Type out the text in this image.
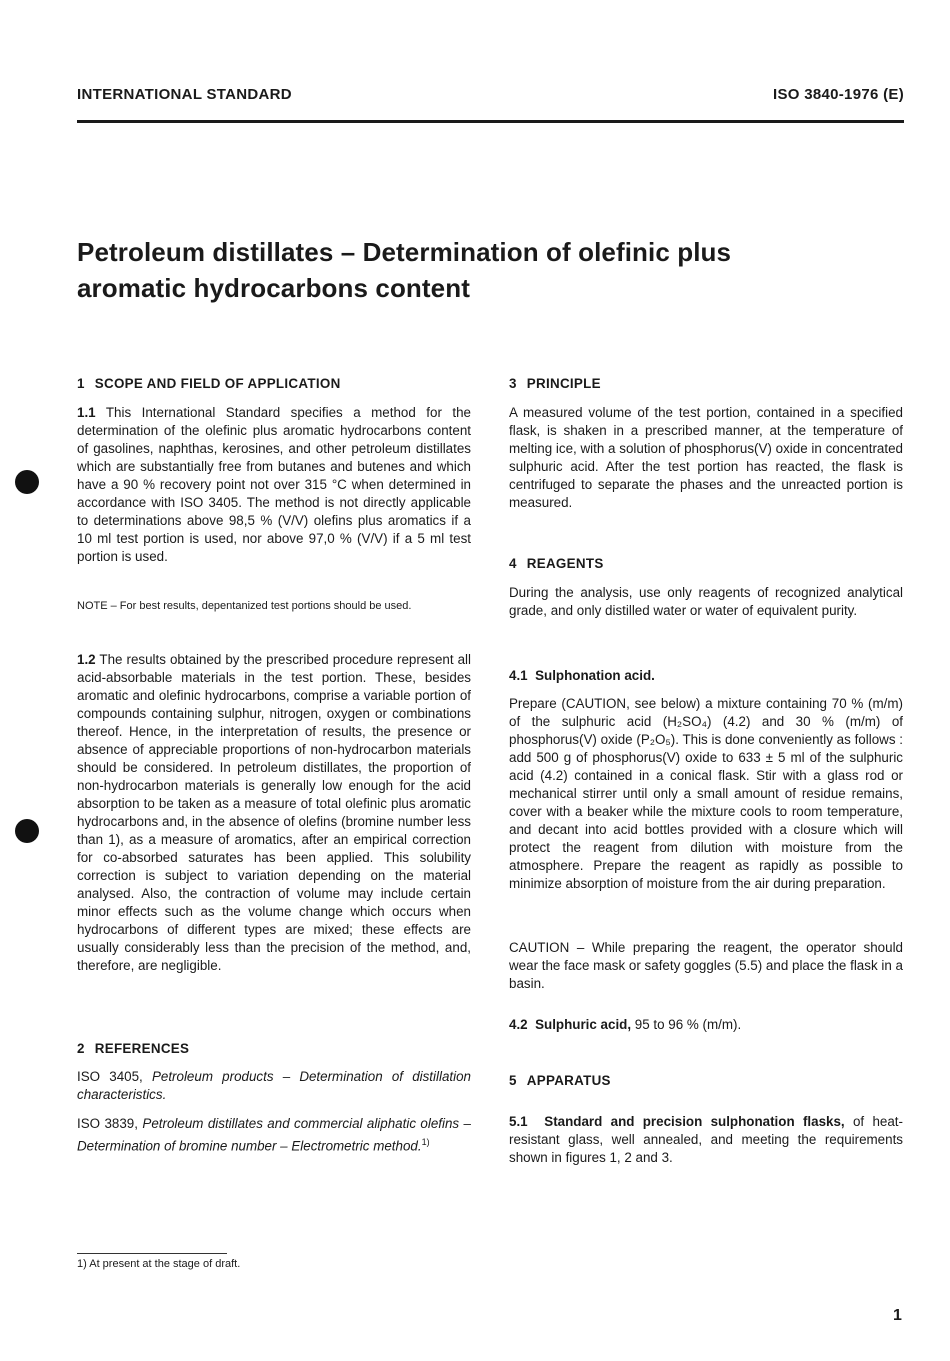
INTERNATIONAL STANDARD	ISO 3840-1976 (E)
Petroleum distillates – Determination of olefinic plus
aromatic hydrocarbons content
1 SCOPE AND FIELD OF APPLICATION
1.1 This International Standard specifies a method for the determination of the olefinic plus aromatic hydrocarbons content of gasolines, naphthas, kerosines, and other petroleum distillates which are substantially free from butanes and butenes and which have a 90 % recovery point not over 315 °C when determined in accordance with ISO 3405. The method is not directly applicable to determinations above 98,5 % (V/V) olefins plus aromatics if a 10 ml test portion is used, nor above 97,0 % (V/V) if a 5 ml test portion is used.
NOTE – For best results, depentanized test portions should be used.
1.2 The results obtained by the prescribed procedure represent all acid-absorbable materials in the test portion. These, besides aromatic and olefinic hydrocarbons, comprise a variable portion of compounds containing sulphur, nitrogen, oxygen or combinations thereof. Hence, in the interpretation of results, the presence or absence of appreciable proportions of non-hydrocarbon materials should be considered. In petroleum distillates, the proportion of non-hydrocarbon materials is generally low enough for the acid absorption to be taken as a measure of total olefinic plus aromatic hydrocarbons and, in the absence of olefins (bromine number less than 1), as a measure of aromatics, after an empirical correction for co-absorbed saturates has been applied. This solubility correction is subject to variation depending on the material analysed. Also, the contraction of volume may include certain minor effects such as the volume change which occurs when hydrocarbons of different types are mixed; these effects are usually considerably less than the precision of the method, and, therefore, are negligible.
2 REFERENCES
ISO 3405, Petroleum products – Determination of distillation characteristics.
ISO 3839, Petroleum distillates and commercial aliphatic olefins – Determination of bromine number – Electrometric method.$^{1)}$
1) At present at the stage of draft.
3 PRINCIPLE
A measured volume of the test portion, contained in a specified flask, is shaken in a prescribed manner, at the temperature of melting ice, with a solution of phosphorus(V) oxide in concentrated sulphuric acid. After the test portion has reacted, the flask is centrifuged to separate the phases and the unreacted portion is measured.
4 REAGENTS
During the analysis, use only reagents of recognized analytical grade, and only distilled water or water of equivalent purity.
4.1 Sulphonation acid.
Prepare (CAUTION, see below) a mixture containing 70 % (m/m) of the sulphuric acid (H₂SO₄) (4.2) and 30 % (m/m) of phosphorus(V) oxide (P₂O₅). This is done conveniently as follows : add 500 g of phosphorus(V) oxide to 633 ± 5 ml of the sulphuric acid (4.2) contained in a conical flask. Stir with a glass rod or mechanical stirrer until only a small amount of residue remains, cover with a beaker while the mixture cools to room temperature, and decant into acid bottles provided with a closure which will protect the reagent from dilution with moisture from the atmosphere. Prepare the reagent as rapidly as possible to minimize absorption of moisture from the air during preparation.
CAUTION – While preparing the reagent, the operator should wear the face mask or safety goggles (5.5) and place the flask in a basin.
4.2 Sulphuric acid, 95 to 96 % (m/m).
5 APPARATUS
5.1 Standard and precision sulphonation flasks, of heat-resistant glass, well annealed, and meeting the requirements shown in figures 1, 2 and 3.
1
